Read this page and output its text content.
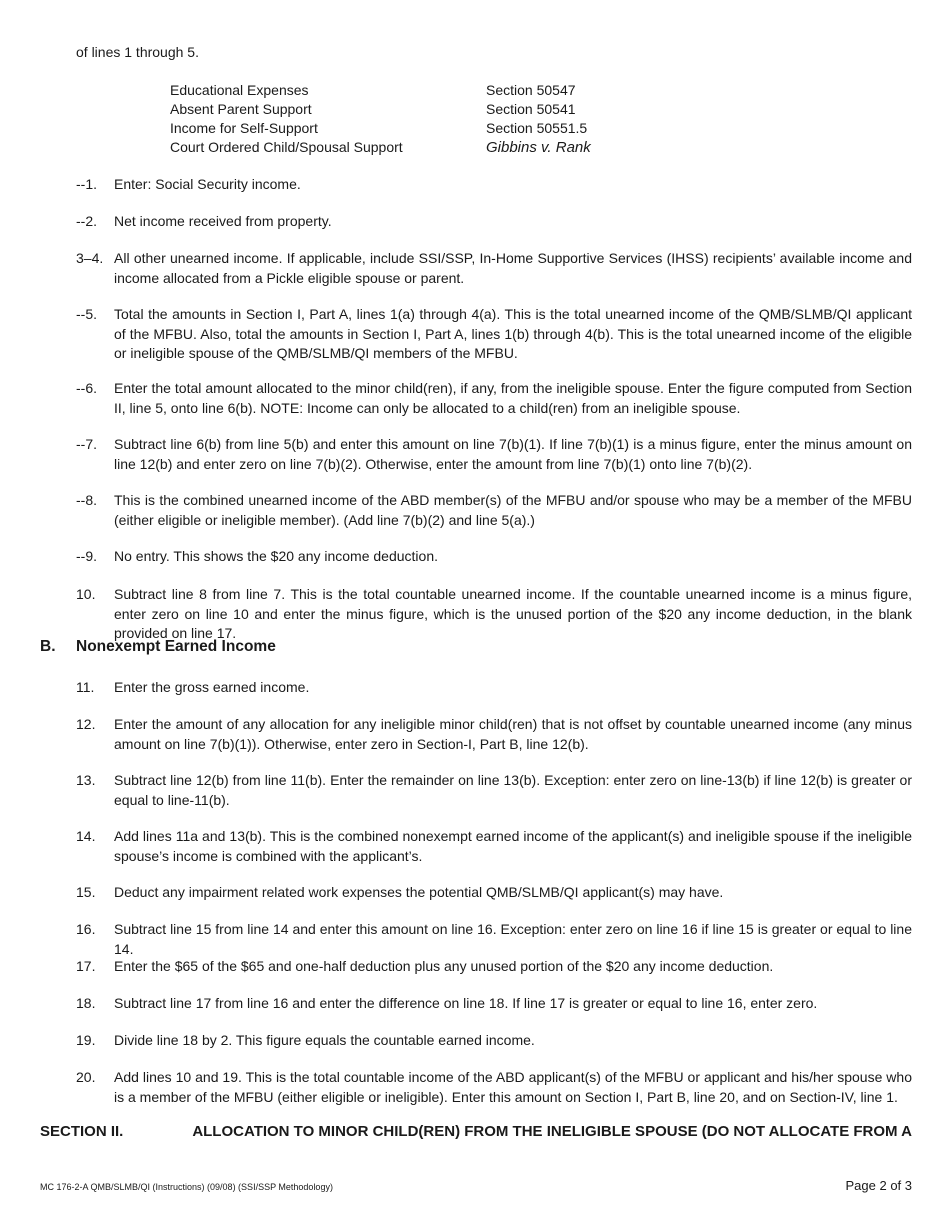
of lines 1 through 5.
Educational Expenses	Section 50547
Absent Parent Support	Section 50541
Income for Self-Support	Section 50551.5
Court Ordered Child/Spousal Support	Gibbins v. Rank
--1.	Enter: Social Security income.
--2.	Net income received from property.
3–4. All other unearned income. If applicable, include SSI/SSP, In-Home Supportive Services (IHSS) recipients’ available income and income allocated from a Pickle eligible spouse or parent.
--5.	Total the amounts in Section I, Part A, lines 1(a) through 4(a). This is the total unearned income of the QMB/SLMB/QI applicant of the MFBU. Also, total the amounts in Section I, Part A, lines 1(b) through 4(b). This is the total unearned income of the eligible or ineligible spouse of the QMB/SLMB/QI members of the MFBU.
--6.	Enter the total amount allocated to the minor child(ren), if any, from the ineligible spouse. Enter the figure computed from Section II, line 5, onto line 6(b). NOTE: Income can only be allocated to a child(ren) from an ineligible spouse.
--7.	Subtract line 6(b) from line 5(b) and enter this amount on line 7(b)(1). If line 7(b)(1) is a minus figure, enter the minus amount on line 12(b) and enter zero on line 7(b)(2). Otherwise, enter the amount from line 7(b)(1) onto line 7(b)(2).
--8.	This is the combined unearned income of the ABD member(s) of the MFBU and/or spouse who may be a member of the MFBU (either eligible or ineligible member). (Add line 7(b)(2) and line 5(a).)
--9.	No entry. This shows the $20 any income deduction.
10.	Subtract line 8 from line 7. This is the total countable unearned income. If the countable unearned income is a minus figure, enter zero on line 10 and enter the minus figure, which is the unused portion of the $20 any income deduction, in the blank provided on line 17.
B.	Nonexempt Earned Income
11.	Enter the gross earned income.
12.	Enter the amount of any allocation for any ineligible minor child(ren) that is not offset by countable unearned income (any minus amount on line 7(b)(1)). Otherwise, enter zero in Section-I, Part B, line 12(b).
13.	Subtract line 12(b) from line 11(b). Enter the remainder on line 13(b). Exception: enter zero on line-13(b) if line 12(b) is greater or equal to line-11(b).
14.	Add lines 11a and 13(b). This is the combined nonexempt earned income of the applicant(s) and ineligible spouse if the ineligible spouse’s income is combined with the applicant’s.
15.	Deduct any impairment related work expenses the potential QMB/SLMB/QI applicant(s) may have.
16.	Subtract line 15 from line 14 and enter this amount on line 16. Exception: enter zero on line 16 if line 15 is greater or equal to line 14.
17.	Enter the $65 of the $65 and one-half deduction plus any unused portion of the $20 any income deduction.
18.	Subtract line 17 from line 16 and enter the difference on line 18. If line 17 is greater or equal to line 16, enter zero.
19.	Divide line 18 by 2. This figure equals the countable earned income.
20.	Add lines 10 and 19. This is the total countable income of the ABD applicant(s) of the MFBU or applicant and his/her spouse who is a member of the MFBU (either eligible or ineligible). Enter this amount on Section I, Part B, line 20, and on Section-IV, line 1.
SECTION II.	ALLOCATION TO MINOR CHILD(REN) FROM THE INELIGIBLE SPOUSE (DO NOT ALLOCATE FROM A
MC 176-2-A QMB/SLMB/QI (Instructions) (09/08) (SSI/SSP Methodology)	Page 2 of 3
